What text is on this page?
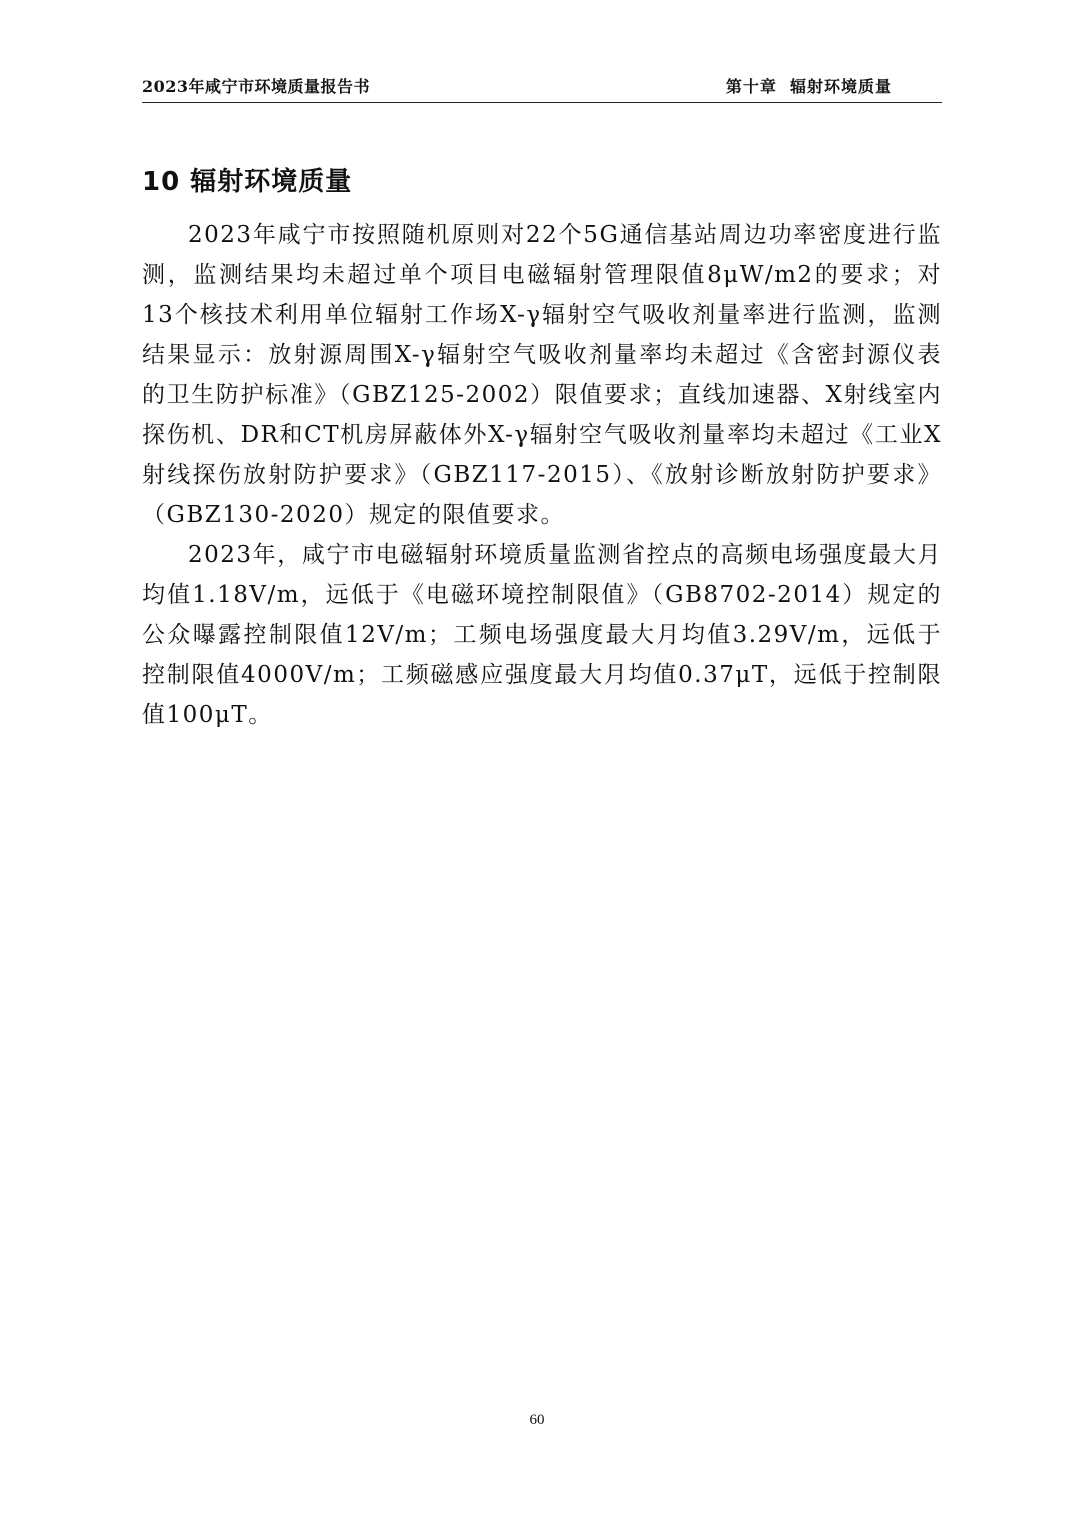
2023年咸宁市环境质量报告书	第十章  辐射环境质量
10 辐射环境质量

2023年咸宁市按照随机原则对22个5G通信基站周边功率密度进行监测，监测结果均未超过单个项目电磁辐射管理限值8μW/m2的要求；对13个核技术利用单位辐射工作场X-γ辐射空气吸收剂量率进行监测，监测结果显示：放射源周围X-γ辐射空气吸收剂量率均未超过《含密封源仪表的卫生防护标准》（GBZ125-2002）限值要求；直线加速器、X射线室内探伤机、DR和CT机房屏蔽体外X-γ辐射空气吸收剂量率均未超过《工业X射线探伤放射防护要求》（GBZ117-2015）、《放射诊断放射防护要求》（GBZ130-2020）规定的限值要求。

2023年，咸宁市电磁辐射环境质量监测省控点的高频电场强度最大月均值1.18V/m，远低于《电磁环境控制限值》（GB8702-2014）规定的公众曝露控制限值12V/m；工频电场强度最大月均值3.29V/m，远低于控制限值4000V/m；工频磁感应强度最大月均值0.37μT，远低于控制限值100μT。

60
